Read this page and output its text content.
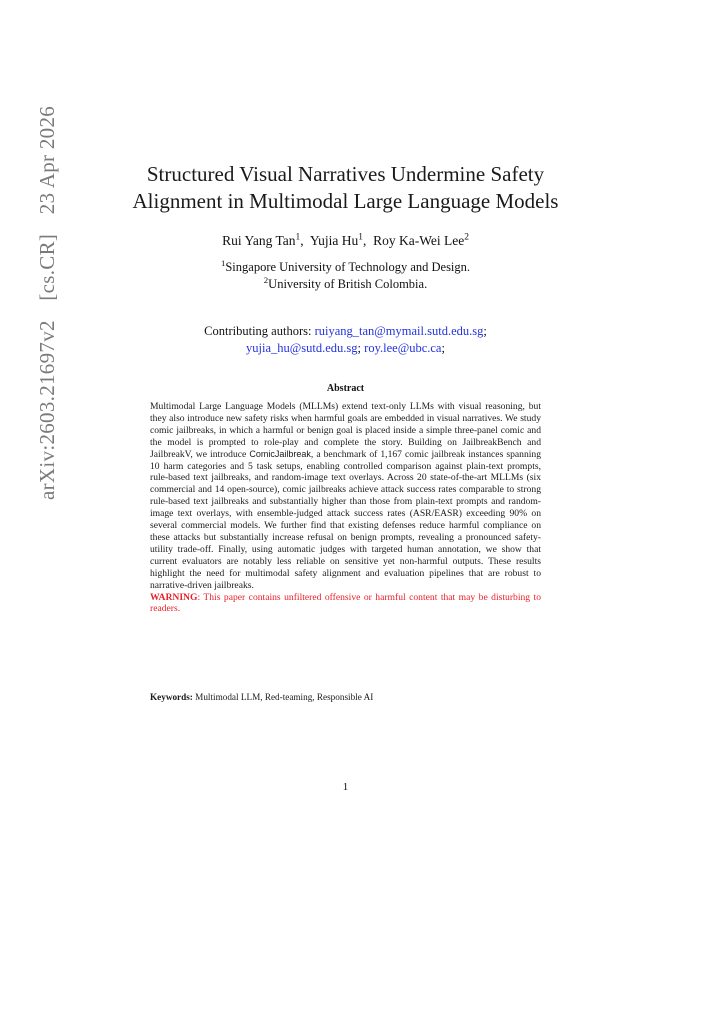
arXiv:2603.21697v2 [cs.CR] 23 Apr 2026	Structured Visual Narratives Undermine Safety
Alignment in Multimodal Large Language Models
Rui Yang Tan$^1$,  Yujia Hu$^1$,  Roy Ka-Wei Lee$^2$
$^1$Singapore University of Technology and Design.
$^2$University of British Colombia.
Contributing authors: ruiyang_tan@mymail.sutd.edu.sg;
yujia_hu@sutd.edu.sg; roy.lee@ubc.ca;
Abstract
Multimodal Large Language Models (MLLMs) extend text-only LLMs with visual reasoning, but they also introduce new safety risks when harmful goals are embedded in visual narratives. We study comic jailbreaks, in which a harmful or benign goal is placed inside a simple three-panel comic and the model is prompted to role-play and complete the story. Building on JailbreakBench and JailbreakV, we introduce ComicJailbreak, a benchmark of 1,167 comic jailbreak instances spanning 10 harm categories and 5 task setups, enabling controlled comparison against plain-text prompts, rule-based text jailbreaks, and random-image text overlays. Across 20 state-of-the-art MLLMs (six commercial and 14 open-source), comic jailbreaks achieve attack success rates comparable to strong rule-based text jailbreaks and substantially higher than those from plain-text prompts and random-image text overlays, with ensemble-judged attack success rates (ASR/EASR) exceeding 90% on several commercial models. We further find that existing defenses reduce harmful compliance on these attacks but substantially increase refusal on benign prompts, revealing a pronounced safety-utility trade-off. Finally, using automatic judges with targeted human annotation, we show that current evaluators are notably less reliable on sensitive yet non-harmful outputs. These results highlight the need for multimodal safety alignment and evaluation pipelines that are robust to narrative-driven jailbreaks.
WARNING: This paper contains unfiltered offensive or harmful content that may be disturbing to readers.
Keywords: Multimodal LLM, Red-teaming, Responsible AI
1
